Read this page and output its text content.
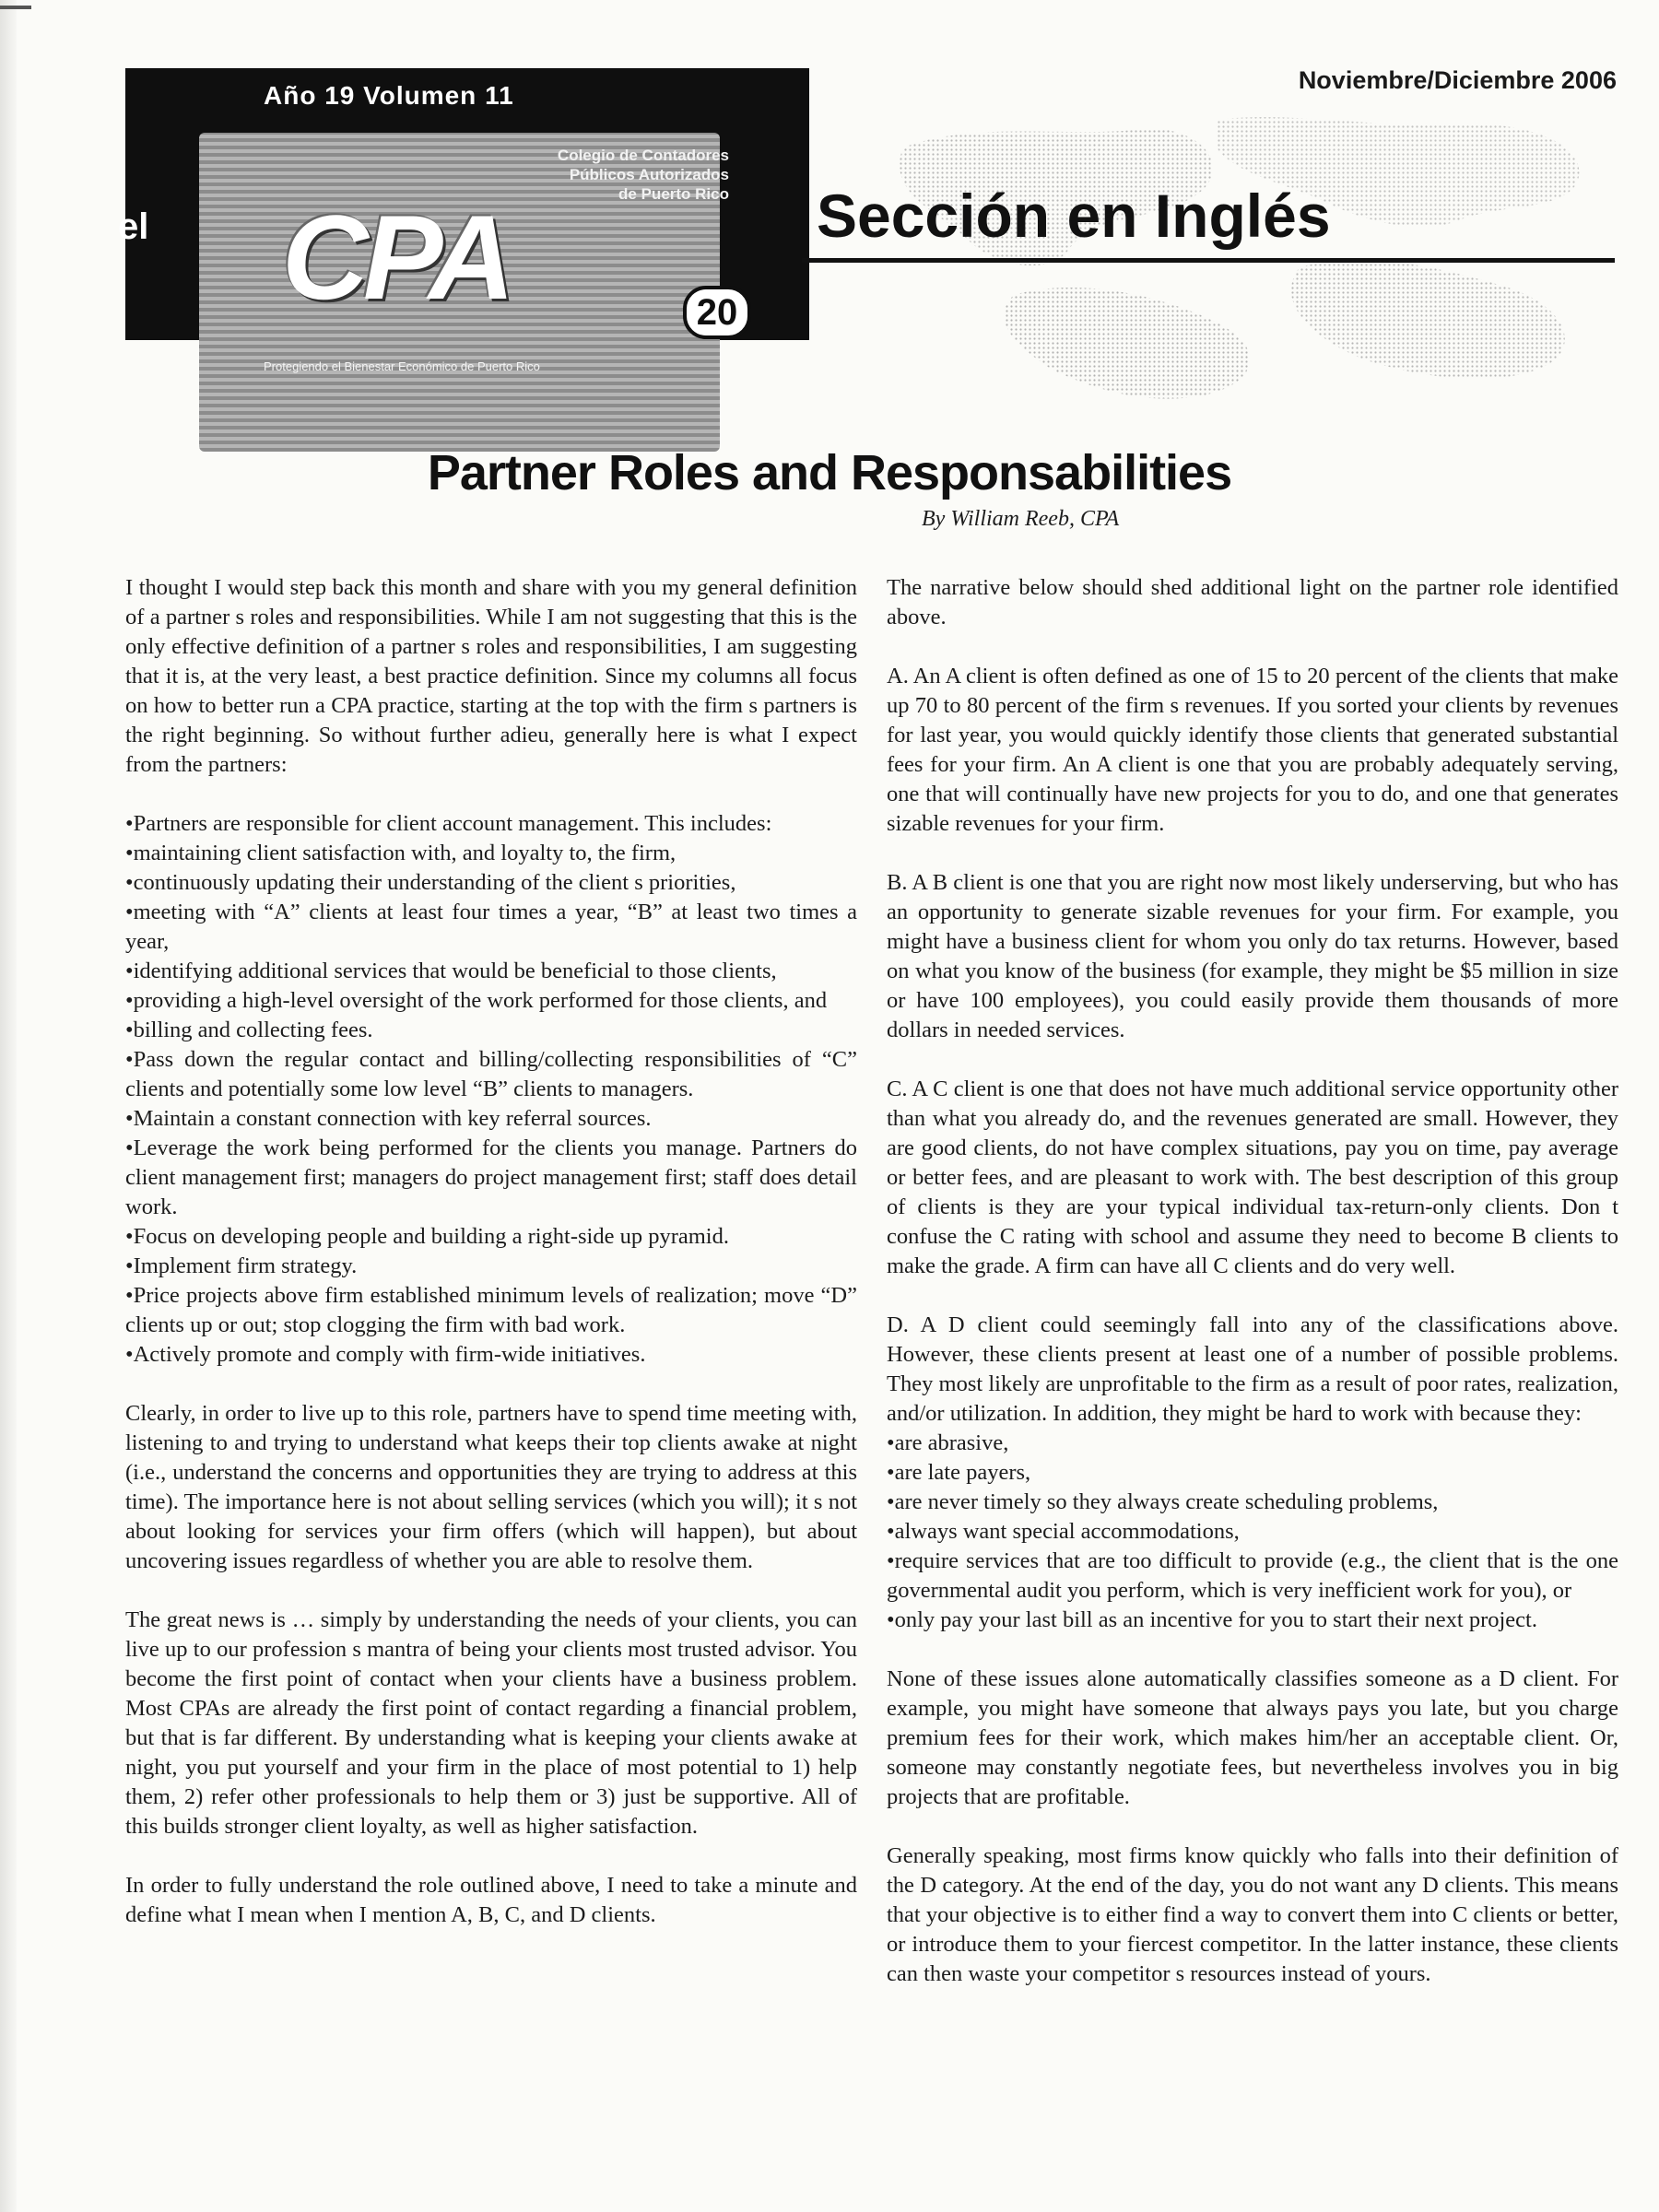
Año 19 Volumen 11
Colegio de Contadores
Públicos Autorizados
de Puerto Rico
el CPA
Protegiendo el Bienestar Económico de Puerto Rico
20
Noviembre/Diciembre 2006
Sección en Inglés
Partner Roles and Responsabilities
By William Reeb, CPA

I thought I would step back this month and share with you my general definition of a partner s roles and responsibilities. While I am not suggesting that this is the only effective definition of a partner s roles and responsibilities, I am suggesting that it is, at the very least, a best practice definition. Since my columns all focus on how to better run a CPA practice, starting at the top with the firm s partners is the right beginning. So without further adieu, generally here is what I expect from the partners:

• Partners are responsible for client account management. This includes:
• maintaining client satisfaction with, and loyalty to, the firm,
• continuously updating their understanding of the client s priorities,
• meeting with “A” clients at least four times a year, “B” at least two times a year,
• identifying additional services that would be beneficial to those clients,
• providing a high-level oversight of the work performed for those clients, and
• billing and collecting fees.
• Pass down the regular contact and billing/collecting responsibilities of “C” clients and potentially some low level “B” clients to managers.
• Maintain a constant connection with key referral sources.
• Leverage the work being performed for the clients you manage. Partners do client management first; managers do project management first; staff does detail work.
• Focus on developing people and building a right-side up pyramid.
• Implement firm strategy.
• Price projects above firm established minimum levels of realization; move “D” clients up or out; stop clogging the firm with bad work.
• Actively promote and comply with firm-wide initiatives.

Clearly, in order to live up to this role, partners have to spend time meeting with, listening to and trying to understand what keeps their top clients awake at night (i.e., understand the concerns and opportunities they are trying to address at this time). The importance here is not about selling services (which you will); it s not about looking for services your firm offers (which will happen), but about uncovering issues regardless of whether you are able to resolve them.

The great news is … simply by understanding the needs of your clients, you can live up to our profession s mantra of being your clients most trusted advisor. You become the first point of contact when your clients have a business problem. Most CPAs are already the first point of contact regarding a financial problem, but that is far different. By understanding what is keeping your clients awake at night, you put yourself and your firm in the place of most potential to 1) help them, 2) refer other professionals to help them or 3) just be supportive. All of this builds stronger client loyalty, as well as higher satisfaction.

In order to fully understand the role outlined above, I need to take a minute and define what I mean when I mention A, B, C, and D clients.

The narrative below should shed additional light on the partner role identified above.

A. An A client is often defined as one of 15 to 20 percent of the clients that make up 70 to 80 percent of the firm s revenues. If you sorted your clients by revenues for last year, you would quickly identify those clients that generated substantial fees for your firm. An A client is one that you are probably adequately serving, one that will continually have new projects for you to do, and one that generates sizable revenues for your firm.

B. A B client is one that you are right now most likely underserving, but who has an opportunity to generate sizable revenues for your firm. For example, you might have a business client for whom you only do tax returns. However, based on what you know of the business (for example, they might be $5 million in size or have 100 employees), you could easily provide them thousands of more dollars in needed services.

C. A C client is one that does not have much additional service opportunity other than what you already do, and the revenues generated are small. However, they are good clients, do not have complex situations, pay you on time, pay average or better fees, and are pleasant to work with. The best description of this group of clients is they are your typical individual tax-return-only clients. Don t confuse the C rating with school and assume they need to become B clients to make the grade. A firm can have all C clients and do very well.

D. A D client could seemingly fall into any of the classifications above. However, these clients present at least one of a number of possible problems. They most likely are unprofitable to the firm as a result of poor rates, realization, and/or utilization. In addition, they might be hard to work with because they:

• are abrasive,
• are late payers,
• are never timely so they always create scheduling problems,
• always want special accommodations,
• require services that are too difficult to provide (e.g., the client that is the one governmental audit you perform, which is very inefficient work for you), or
• only pay your last bill as an incentive for you to start their next project.

None of these issues alone automatically classifies someone as a D client. For example, you might have someone that always pays you late, but you charge premium fees for their work, which makes him/her an acceptable client. Or, someone may constantly negotiate fees, but nevertheless involves you in big projects that are profitable.

Generally speaking, most firms know quickly who falls into their definition of the D category. At the end of the day, you do not want any D clients. This means that your objective is to either find a way to convert them into C clients or better, or introduce them to your fiercest competitor. In the latter instance, these clients can then waste your competitor s resources instead of yours.
